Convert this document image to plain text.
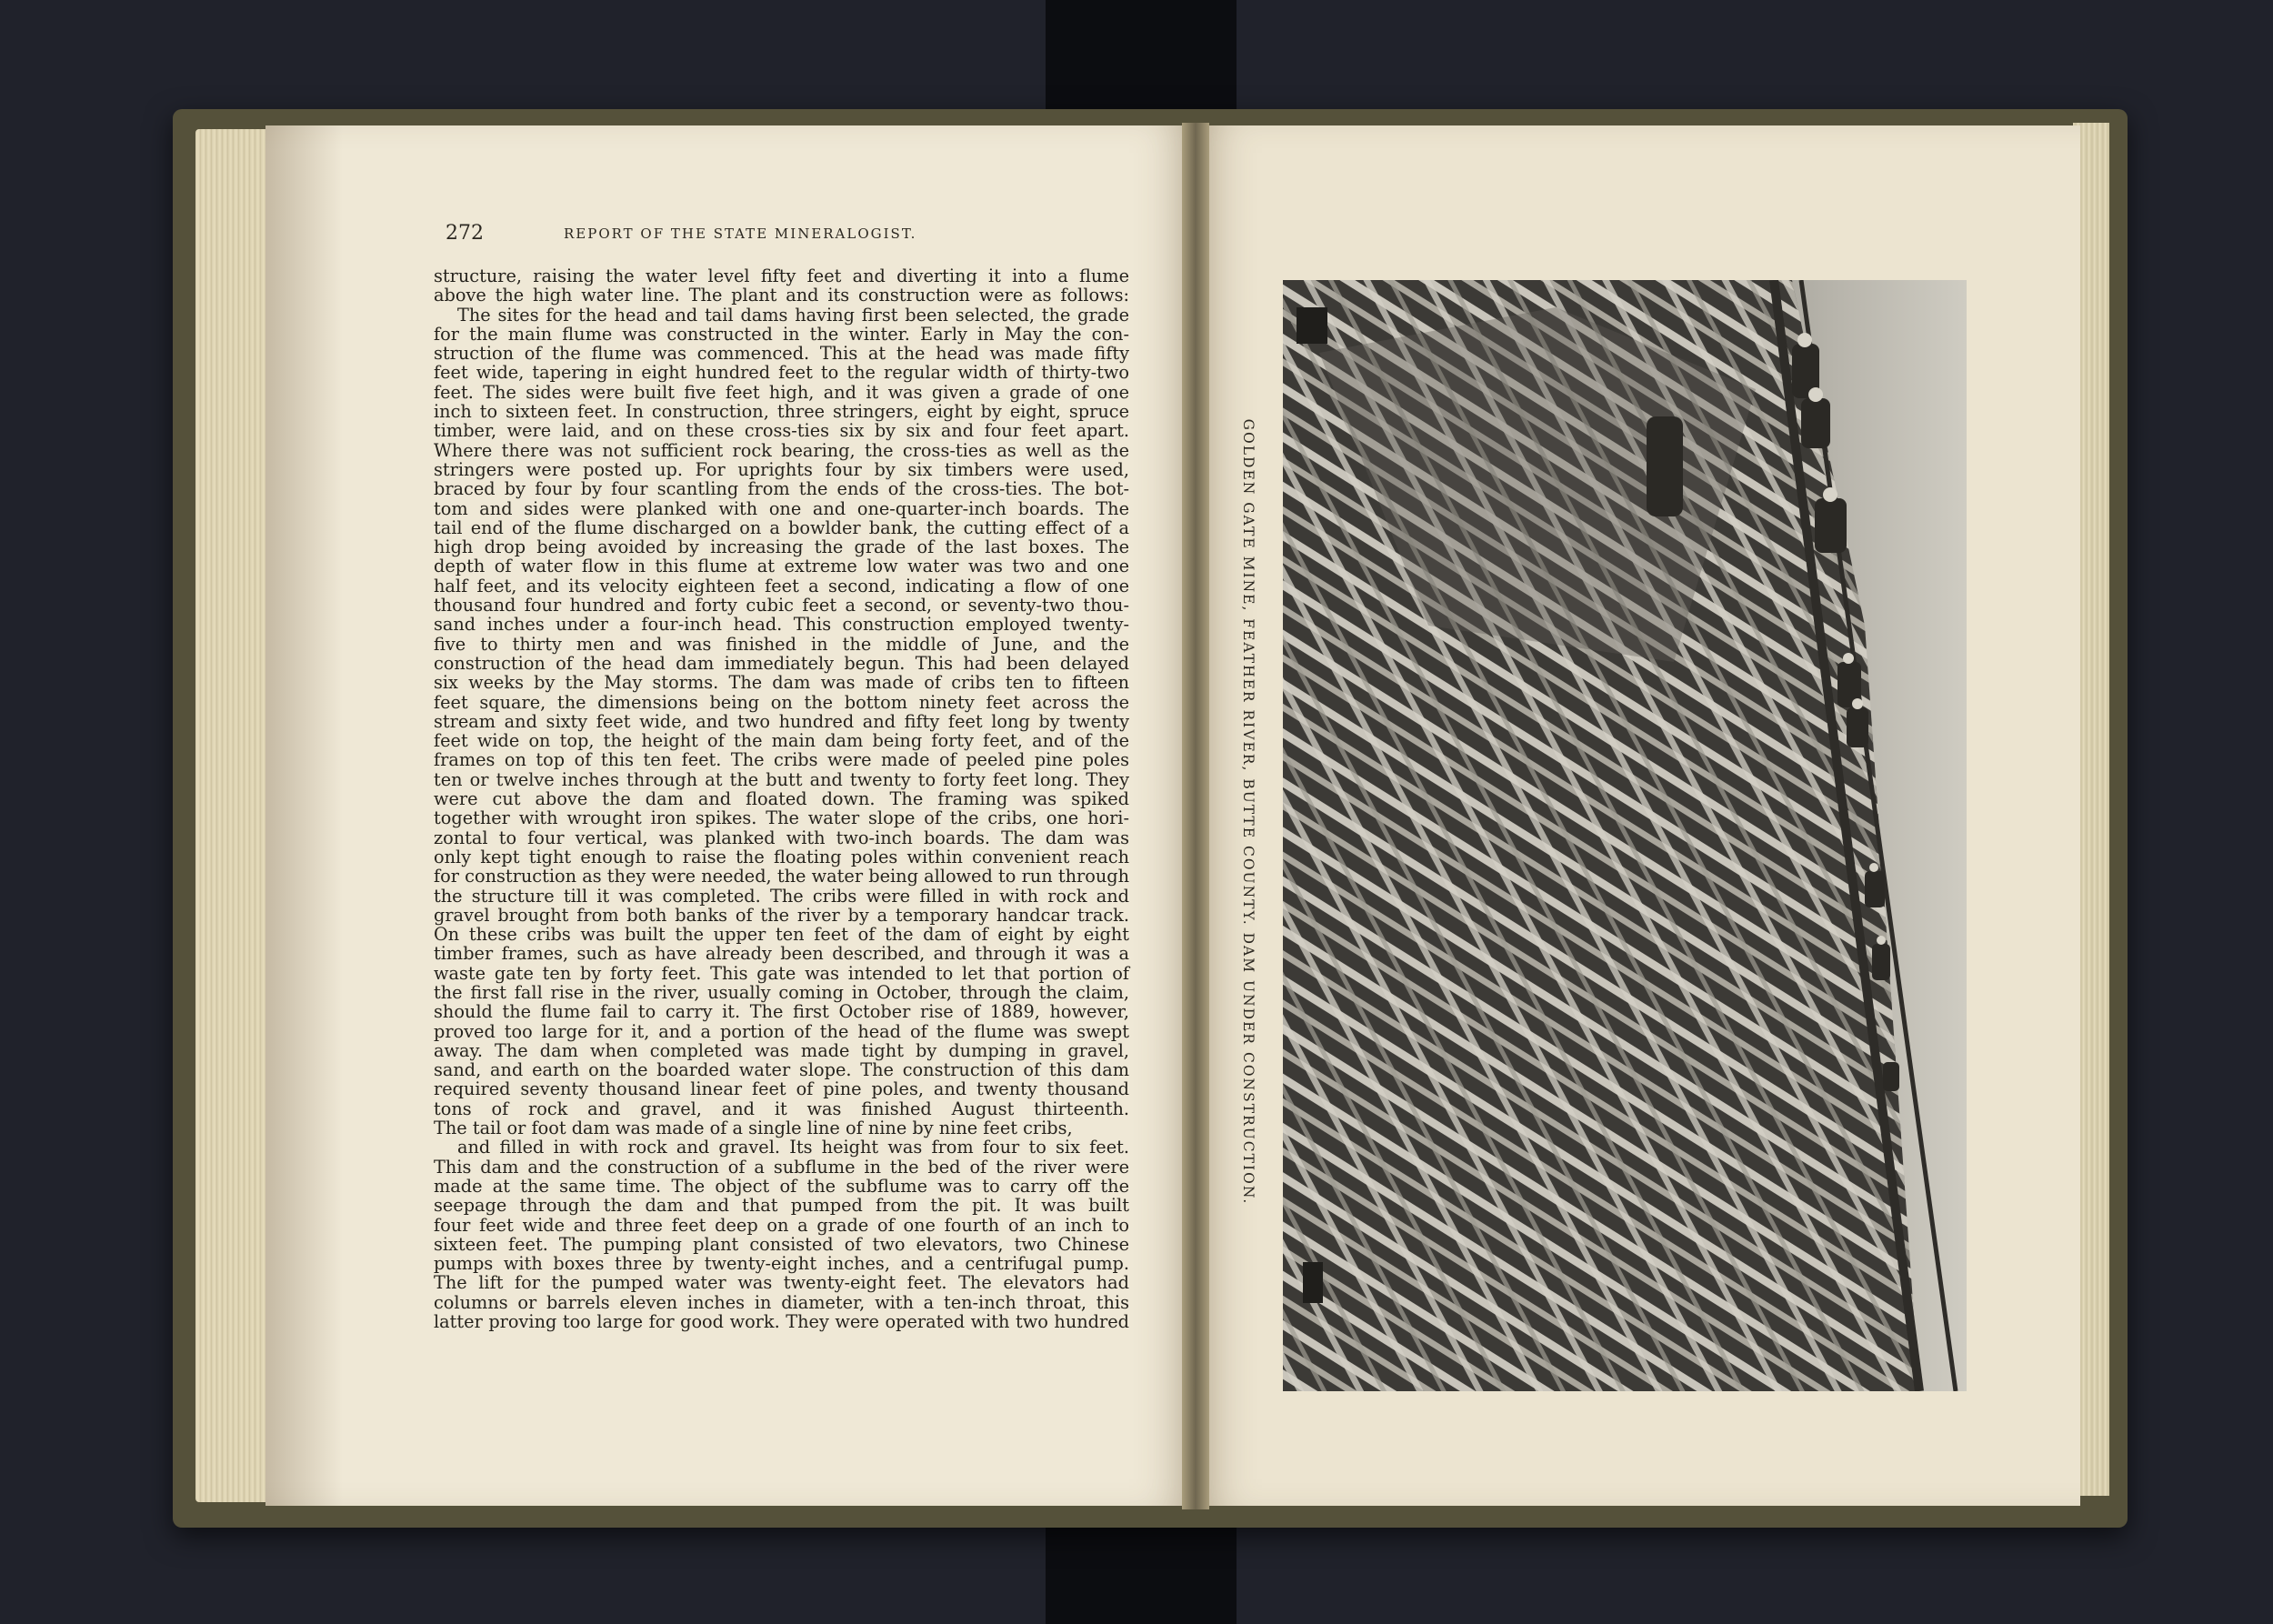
272	REPORT OF THE STATE MINERALOGIST.
structure, raising the water level fifty feet and diverting it into a flume
above the high water line. The plant and its construction were as follows:
The sites for the head and tail dams having first been selected, the grade
for the main flume was constructed in the winter. Early in May the con-
struction of the flume was commenced. This at the head was made fifty
feet wide, tapering in eight hundred feet to the regular width of thirty-two
feet. The sides were built five feet high, and it was given a grade of one
inch to sixteen feet. In construction, three stringers, eight by eight, spruce
timber, were laid, and on these cross-ties six by six and four feet apart.
Where there was not sufficient rock bearing, the cross-ties as well as the
stringers were posted up. For uprights four by six timbers were used,
braced by four by four scantling from the ends of the cross-ties. The bot-
tom and sides were planked with one and one-quarter-inch boards. The
tail end of the flume discharged on a bowlder bank, the cutting effect of a
high drop being avoided by increasing the grade of the last boxes. The
depth of water flow in this flume at extreme low water was two and one
half feet, and its velocity eighteen feet a second, indicating a flow of one
thousand four hundred and forty cubic feet a second, or seventy-two thou-
sand inches under a four-inch head. This construction employed twenty-
five to thirty men and was finished in the middle of June, and the
construction of the head dam immediately begun. This had been delayed
six weeks by the May storms. The dam was made of cribs ten to fifteen
feet square, the dimensions being on the bottom ninety feet across the
stream and sixty feet wide, and two hundred and fifty feet long by twenty
feet wide on top, the height of the main dam being forty feet, and of the
frames on top of this ten feet. The cribs were made of peeled pine poles
ten or twelve inches through at the butt and twenty to forty feet long. They
were cut above the dam and floated down. The framing was spiked
together with wrought iron spikes. The water slope of the cribs, one hori-
zontal to four vertical, was planked with two-inch boards. The dam was
only kept tight enough to raise the floating poles within convenient reach
for construction as they were needed, the water being allowed to run through
the structure till it was completed. The cribs were filled in with rock and
gravel brought from both banks of the river by a temporary handcar track.
On these cribs was built the upper ten feet of the dam of eight by eight
timber frames, such as have already been described, and through it was a
waste gate ten by forty feet. This gate was intended to let that portion of
the first fall rise in the river, usually coming in October, through the claim,
should the flume fail to carry it. The first October rise of 1889, however,
proved too large for it, and a portion of the head of the flume was swept
away. The dam when completed was made tight by dumping in gravel,
sand, and earth on the boarded water slope. The construction of this dam
required seventy thousand linear feet of pine poles, and twenty thousand
tons of rock and gravel, and it was finished August thirteenth.
The tail or foot dam was made of a single line of nine by nine feet cribs,
and filled in with rock and gravel. Its height was from four to six feet.
This dam and the construction of a subflume in the bed of the river were
made at the same time. The object of the subflume was to carry off the
seepage through the dam and that pumped from the pit. It was built
four feet wide and three feet deep on a grade of one fourth of an inch to
sixteen feet. The pumping plant consisted of two elevators, two Chinese
pumps with boxes three by twenty-eight inches, and a centrifugal pump.
The lift for the pumped water was twenty-eight feet. The elevators had
columns or barrels eleven inches in diameter, with a ten-inch throat, this
latter proving too large for good work. They were operated with two hundred
GOLDEN GATE MINE, FEATHER RIVER, BUTTE COUNTY. DAM UNDER CONSTRUCTION.
